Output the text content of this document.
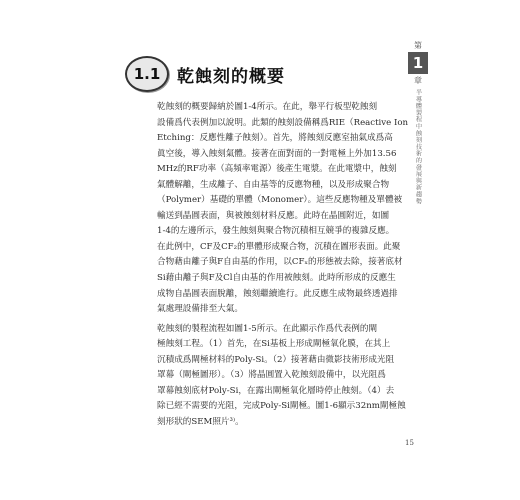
1.1 乾蝕刻的概要

乾蝕刻的概要歸納於圖1-4所示。在此，舉平行板型乾蝕刻
設備爲代表例加以說明。此類的蝕刻設備稱爲RIE（Reactive Ion
Etching：反應性離子蝕刻）。首先，將蝕刻反應室抽氣成爲高
眞空後，導入蝕刻氣體。接著在面對面的一對電極上外加13.56
MHz的RF功率（高頻率電源）後產生電漿。在此電漿中，蝕刻
氣體解離，生成離子、自由基等的反應物種，以及形成聚合物
（Polymer）基礎的單體（Monomer）。這些反應物種及單體被
輸送到晶圓表面，與被蝕刻材料反應。此時在晶圓附近，如圖
1-4的左邊所示，發生蝕刻與聚合物沉積相互競爭的複雜反應。
在此例中，CF及CF₂的單體形成聚合物，沉積在圖形表面。此聚
合物藉由離子與F自由基的作用，以CFₓ的形態被去除，接著底材
Si藉由離子與F及Cl自由基的作用被蝕刻。此時所形成的反應生
成物自晶圓表面脫離，蝕刻繼續進行。此反應生成物最終透過排
氣處理設備排至大氣。

乾蝕刻的製程流程如圖1-5所示。在此顯示作爲代表例的閘
極蝕刻工程。（1）首先，在Si基板上形成閘極氧化膜，在其上
沉積成爲閘極材料的Poly-Si。（2）接著藉由微影技術形成光阻
罩幕（閘極圖形）。（3）將晶圓置入乾蝕刻設備中，以光阻爲
罩幕蝕刻底材Poly-Si，在露出閘極氧化層時停止蝕刻。（4）去
除已經不需要的光阻，完成Poly-Si閘極。圖1-6顯示32nm閘極蝕
刻形狀的SEM照片³⁾。

第
1
章
半導體製程中蝕刻技術的發展與新趨勢
15
